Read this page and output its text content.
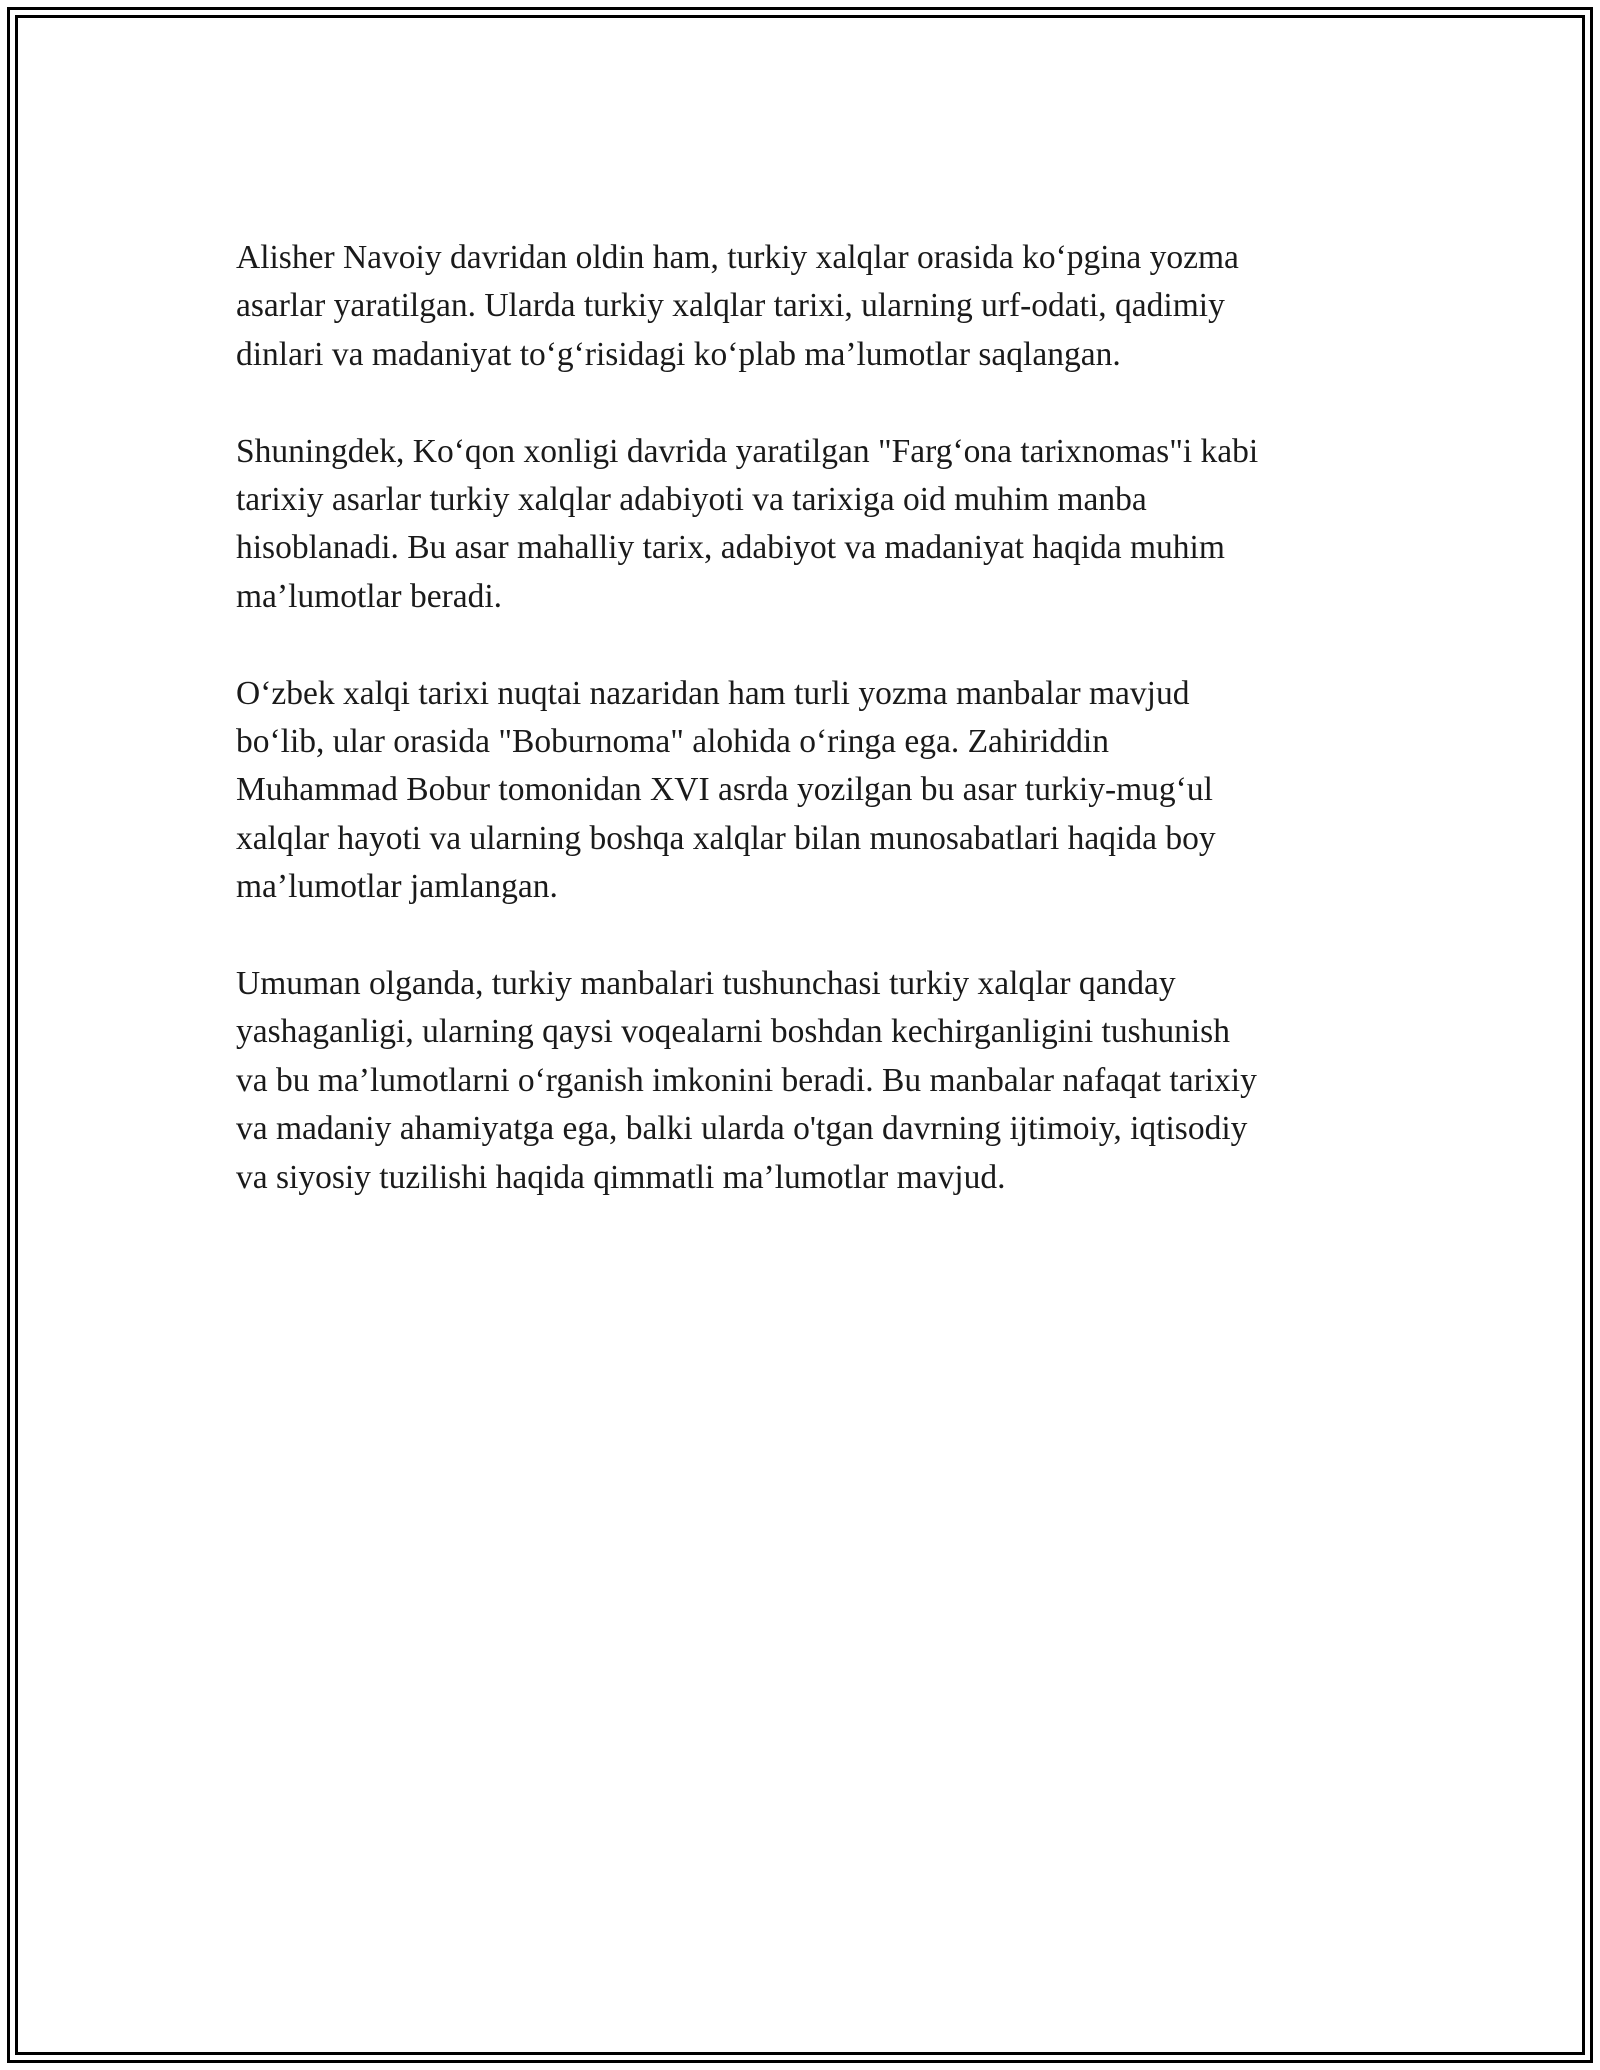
Alisher Navoiy davridan oldin ham, turkiy xalqlar orasida ko‘pgina yozma
asarlar yaratilgan. Ularda turkiy xalqlar tarixi, ularning urf-odati, qadimiy
dinlari va madaniyat to‘g‘risidagi ko‘plab ma’lumotlar saqlangan.

Shuningdek, Ko‘qon xonligi davrida yaratilgan "Farg‘ona tarixnomas"i kabi
tarixiy asarlar turkiy xalqlar adabiyoti va tarixiga oid muhim manba
hisoblanadi. Bu asar mahalliy tarix, adabiyot va madaniyat haqida muhim
ma’lumotlar beradi.

O‘zbek xalqi tarixi nuqtai nazaridan ham turli yozma manbalar mavjud
bo‘lib, ular orasida "Boburnoma" alohida o‘ringa ega. Zahiriddin
Muhammad Bobur tomonidan XVI asrda yozilgan bu asar turkiy-mug‘ul
xalqlar hayoti va ularning boshqa xalqlar bilan munosabatlari haqida boy
ma’lumotlar jamlangan.

Umuman olganda, turkiy manbalari tushunchasi turkiy xalqlar qanday
yashaganligi, ularning qaysi voqealarni boshdan kechirganligini tushunish
va bu ma’lumotlarni o‘rganish imkonini beradi. Bu manbalar nafaqat tarixiy
va madaniy ahamiyatga ega, balki ularda o'tgan davrning ijtimoiy, iqtisodiy
va siyosiy tuzilishi haqida qimmatli ma’lumotlar mavjud.
